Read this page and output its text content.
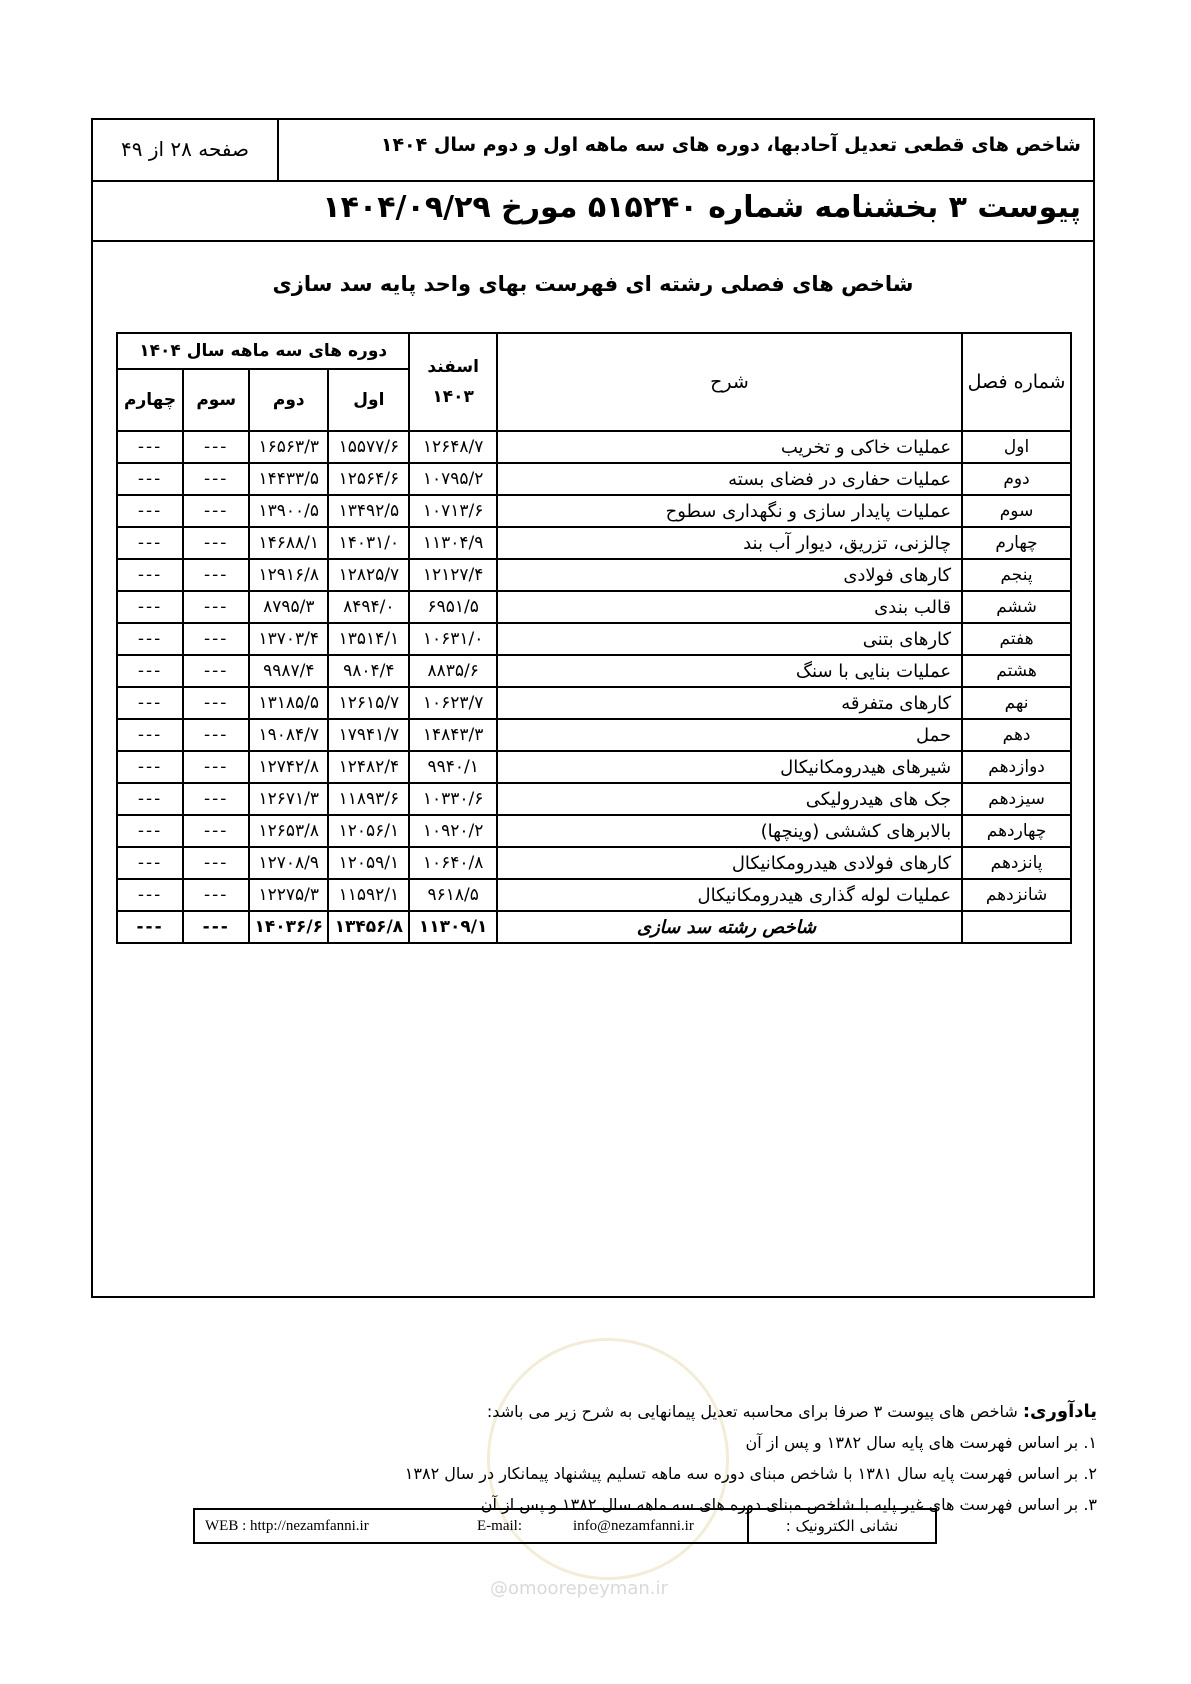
صفحه ۲۸ از ۴۹	شاخص های قطعی تعدیل آحادبها، دوره های سه ماهه اول و دوم سال ۱۴۰۴
پیوست ۳ بخشنامه شماره ۵۱۵۲۴۰ مورخ ۱۴۰۴/۰۹/۲۹
شاخص های فصلی رشته ای فهرست بهای واحد پایه سد سازی
دوره های سه ماهه سال ۱۴۰۴				اسفند ۱۴۰۳	شرح	شماره فصل
چهارم	سوم	دوم	اول			
---	---	۱۶۵۶۳/۳	۱۵۵۷۷/۶	۱۲۶۴۸/۷	عملیات خاکی و تخریب	اول
---	---	۱۴۴۳۳/۵	۱۲۵۶۴/۶	۱۰۷۹۵/۲	عملیات حفاری در فضای بسته	دوم
---	---	۱۳۹۰۰/۵	۱۳۴۹۲/۵	۱۰۷۱۳/۶	عملیات پایدار سازی و نگهداری سطوح	سوم
---	---	۱۴۶۸۸/۱	۱۴۰۳۱/۰	۱۱۳۰۴/۹	چالزنی، تزریق، دیوار آب بند	چهارم
---	---	۱۲۹۱۶/۸	۱۲۸۲۵/۷	۱۲۱۲۷/۴	کارهای فولادی	پنجم
---	---	۸۷۹۵/۳	۸۴۹۴/۰	۶۹۵۱/۵	قالب بندی	ششم
---	---	۱۳۷۰۳/۴	۱۳۵۱۴/۱	۱۰۶۳۱/۰	کارهای بتنی	هفتم
---	---	۹۹۸۷/۴	۹۸۰۴/۴	۸۸۳۵/۶	عملیات بنایی با سنگ	هشتم
---	---	۱۳۱۸۵/۵	۱۲۶۱۵/۷	۱۰۶۲۳/۷	کارهای متفرقه	نهم
---	---	۱۹۰۸۴/۷	۱۷۹۴۱/۷	۱۴۸۴۳/۳	حمل	دهم
---	---	۱۲۷۴۲/۸	۱۲۴۸۲/۴	۹۹۴۰/۱	شیرهای هیدرومکانیکال	دوازدهم
---	---	۱۲۶۷۱/۳	۱۱۸۹۳/۶	۱۰۳۳۰/۶	جک های هیدرولیکی	سیزدهم
---	---	۱۲۶۵۳/۸	۱۲۰۵۶/۱	۱۰۹۲۰/۲	بالابرهای کششی (وینچها)	چهاردهم
---	---	۱۲۷۰۸/۹	۱۲۰۵۹/۱	۱۰۶۴۰/۸	کارهای فولادی هیدرومکانیکال	پانزدهم
---	---	۱۲۲۷۵/۳	۱۱۵۹۲/۱	۹۶۱۸/۵	عملیات لوله گذاری هیدرومکانیکال	شانزدهم
---	---	۱۴۰۳۶/۶	۱۳۴۵۶/۸	۱۱۳۰۹/۱	شاخص رشته سد سازی	
یادآوری: شاخص های پیوست ۳ صرفا برای محاسبه تعدیل پیمانهایی به شرح زیر می باشد:
۱. بر اساس فهرست های پایه سال ۱۳۸۲ و پس از آن
۲. بر اساس فهرست پایه سال ۱۳۸۱ با شاخص مبنای دوره سه ماهه تسلیم پیشنهاد پیمانکار در سال ۱۳۸۲
۳. بر اساس فهرست های غیر پایه با شاخص مبنای دوره های سه ماهه سال ۱۳۸۲ و پس از آن
نشانی الکترونیک :
WEB : http://nezamfanni.ir	E-mail:	info@nezamfanni.ir
@omoorepeyman.ir
